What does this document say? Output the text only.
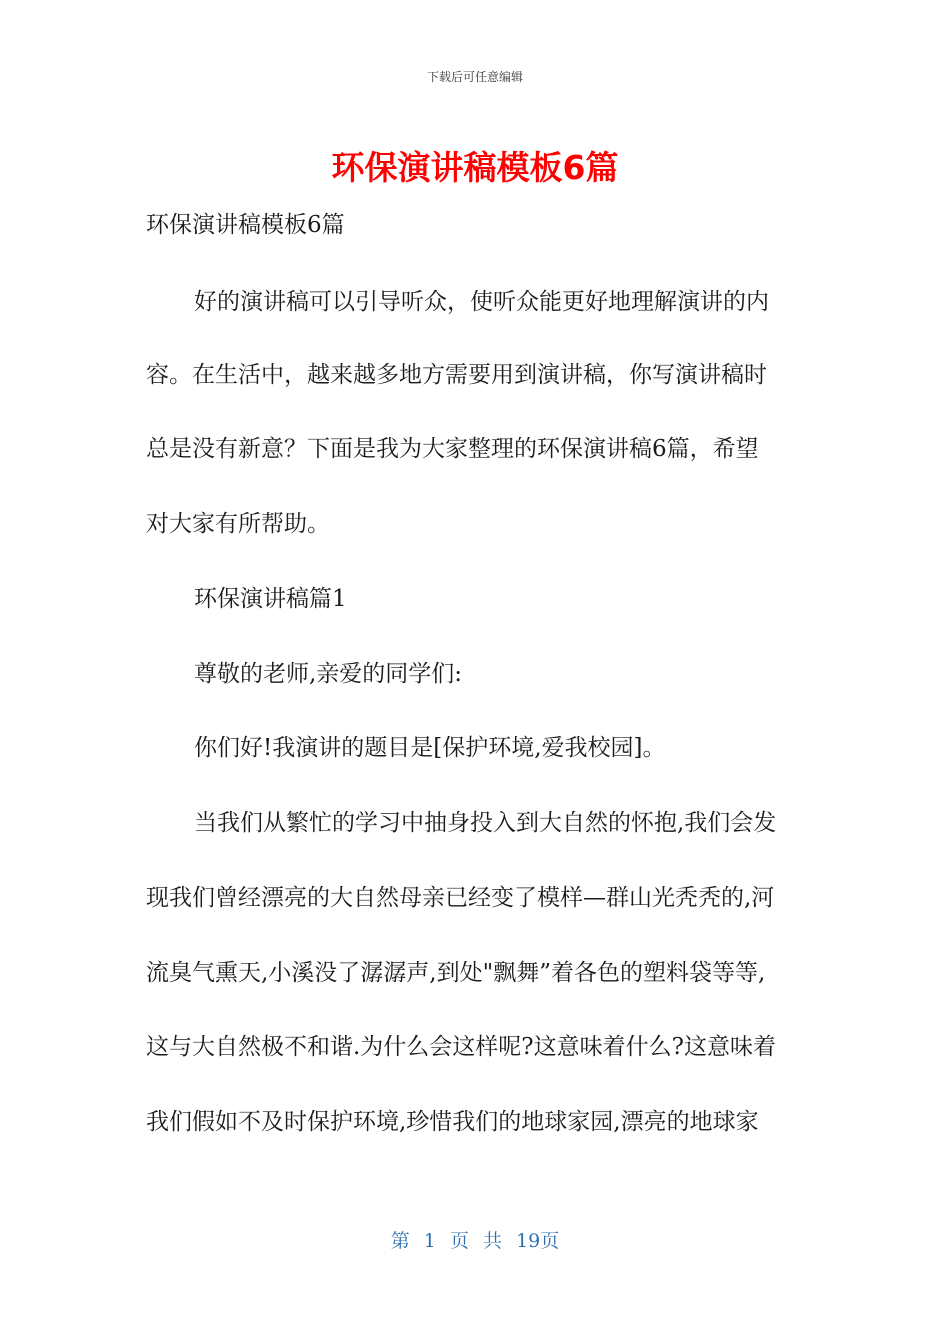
下载后可任意编辑
环保演讲稿模板6篇
环保演讲稿模板6篇
好的演讲稿可以引导听众，使听众能更好地理解演讲的内
容。在生活中，越来越多地方需要用到演讲稿，你写演讲稿时
总是没有新意？下面是我为大家整理的环保演讲稿6篇，希望
对大家有所帮助。
环保演讲稿篇1
尊敬的老师,亲爱的同学们:
你们好!我演讲的题目是[保护环境,爱我校园]。
当我们从繁忙的学习中抽身投入到大自然的怀抱,我们会发
现我们曾经漂亮的大自然母亲已经变了模样—群山光秃秃的,河
流臭气熏天,小溪没了潺潺声,到处"飘舞”着各色的塑料袋等等,
这与大自然极不和谐.为什么会这样呢?这意味着什么?这意味着
我们假如不及时保护环境,珍惜我们的地球家园,漂亮的地球家
第 1 页 共 19页
